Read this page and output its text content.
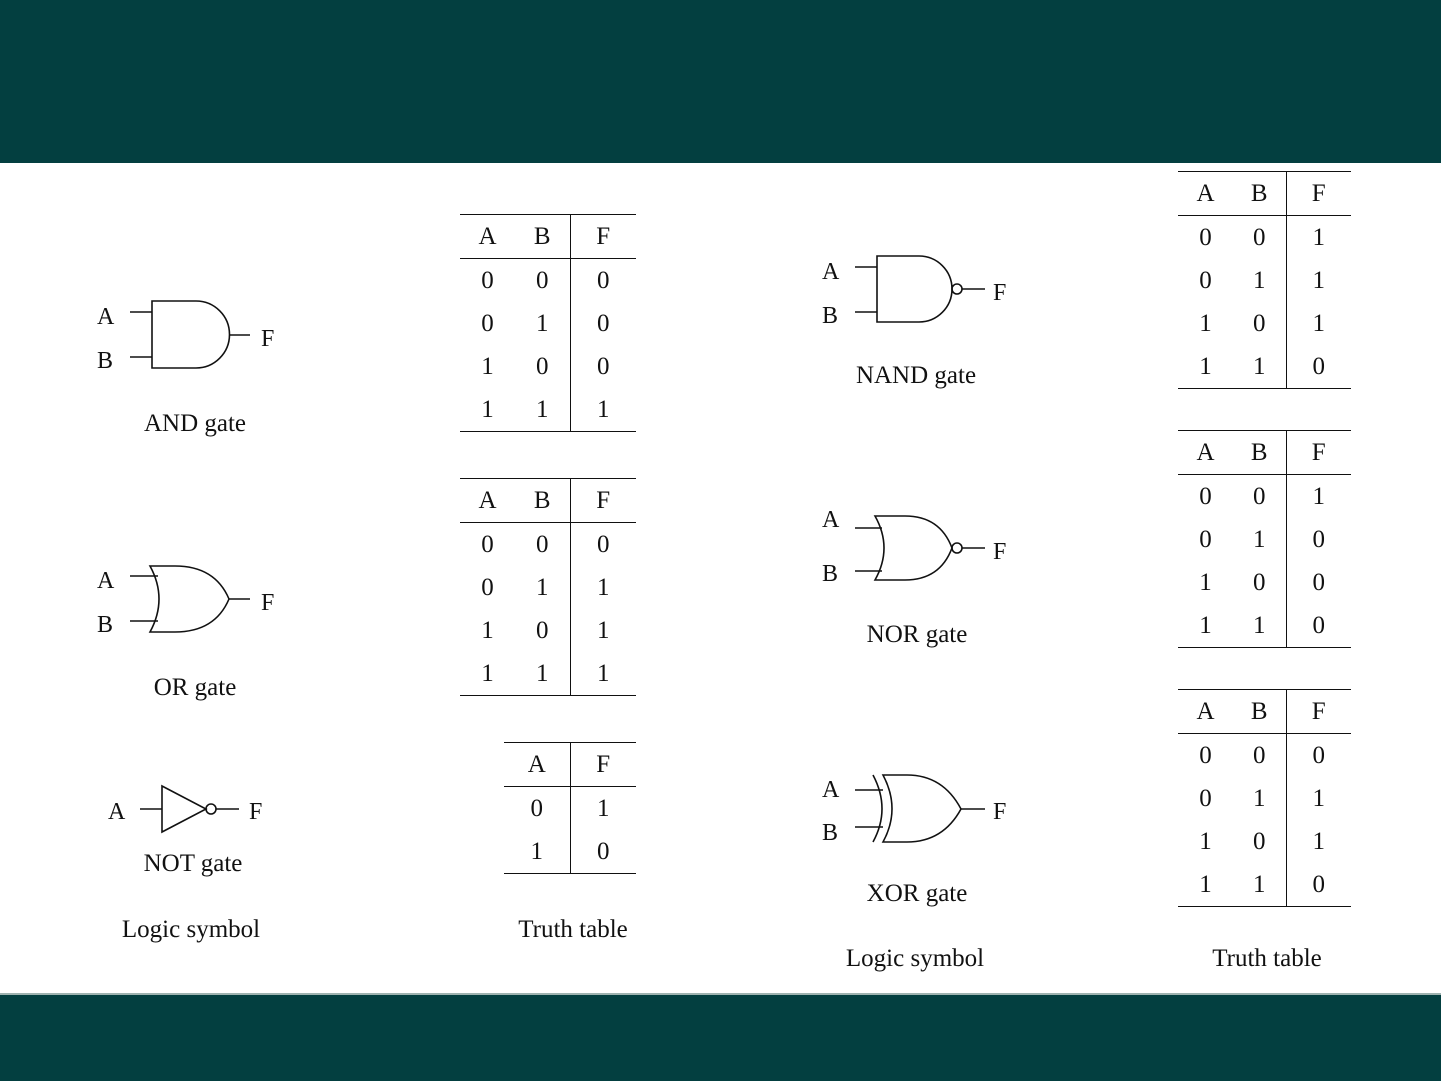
A
B
F
AND gate
A
B
F
OR gate
A	F
NOT gate
Logic symbol
A	B	F
0	0	0
0	1	0
1	0	0
1	1	1
A	B	F
0	0	0
0	1	1
1	0	1
1	1	1
A	F
0	1
1	0
Truth table
A
B
F
NAND gate
A
B
F
NOR gate
A
B
F
XOR gate
Logic symbol
A	B	F
0	0	1
0	1	1
1	0	1
1	1	0
A	B	F
0	0	1
0	1	0
1	0	0
1	1	0
A	B	F
0	0	0
0	1	1
1	0	1
1	1	0
Truth table
